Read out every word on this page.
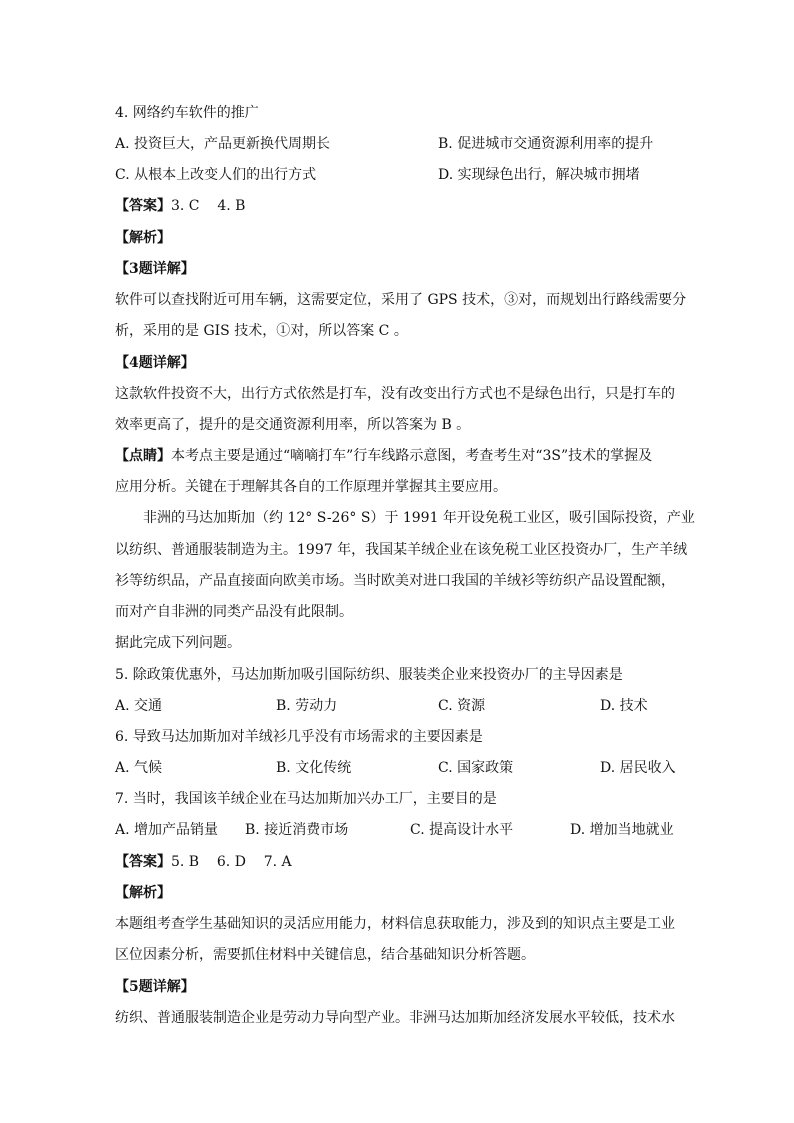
4. 网络约车软件的推广
A. 投资巨大，产品更新换代周期长	B. 促进城市交通资源利用率的提升
C. 从根本上改变人们的出行方式	D. 实现绿色出行，解决城市拥堵
【答案】3. C    4. B
【解析】
【3题详解】
软件可以查找附近可用车辆，这需要定位，采用了 GPS 技术，③对，而规划出行路线需要分
析，采用的是 GIS 技术，①对，所以答案 C 。
【4题详解】
这款软件投资不大，出行方式依然是打车，没有改变出行方式也不是绿色出行，只是打车的
效率更高了，提升的是交通资源利用率，所以答案为 B 。
【点睛】本考点主要是通过“嘀嘀打车”行车线路示意图，考查考生对“3S”技术的掌握及
应用分析。关键在于理解其各自的工作原理并掌握其主要应用。
非洲的马达加斯加（约 12° S-26° S）于 1991 年开设免税工业区，吸引国际投资，产业
以纺织、普通服装制造为主。1997 年，我国某羊绒企业在该免税工业区投资办厂，生产羊绒
衫等纺织品，产品直接面向欧美市场。当时欧美对进口我国的羊绒衫等纺织产品设置配额，
而对产自非洲的同类产品没有此限制。
据此完成下列问题。
5. 除政策优惠外，马达加斯加吸引国际纺织、服装类企业来投资办厂的主导因素是
A. 交通	B. 劳动力	C. 资源	D. 技术
6. 导致马达加斯加对羊绒衫几乎没有市场需求的主要因素是
A. 气候	B. 文化传统	C. 国家政策	D. 居民收入
7. 当时，我国该羊绒企业在马达加斯加兴办工厂，主要目的是
A. 增加产品销量 B. 接近消费市场	C. 提高设计水平	D. 增加当地就业
【答案】5. B    6. D    7. A
【解析】
本题组考查学生基础知识的灵活应用能力，材料信息获取能力，涉及到的知识点主要是工业
区位因素分析，需要抓住材料中关键信息，结合基础知识分析答题。
【5题详解】
纺织、普通服装制造企业是劳动力导向型产业。非洲马达加斯加经济发展水平较低，技术水
